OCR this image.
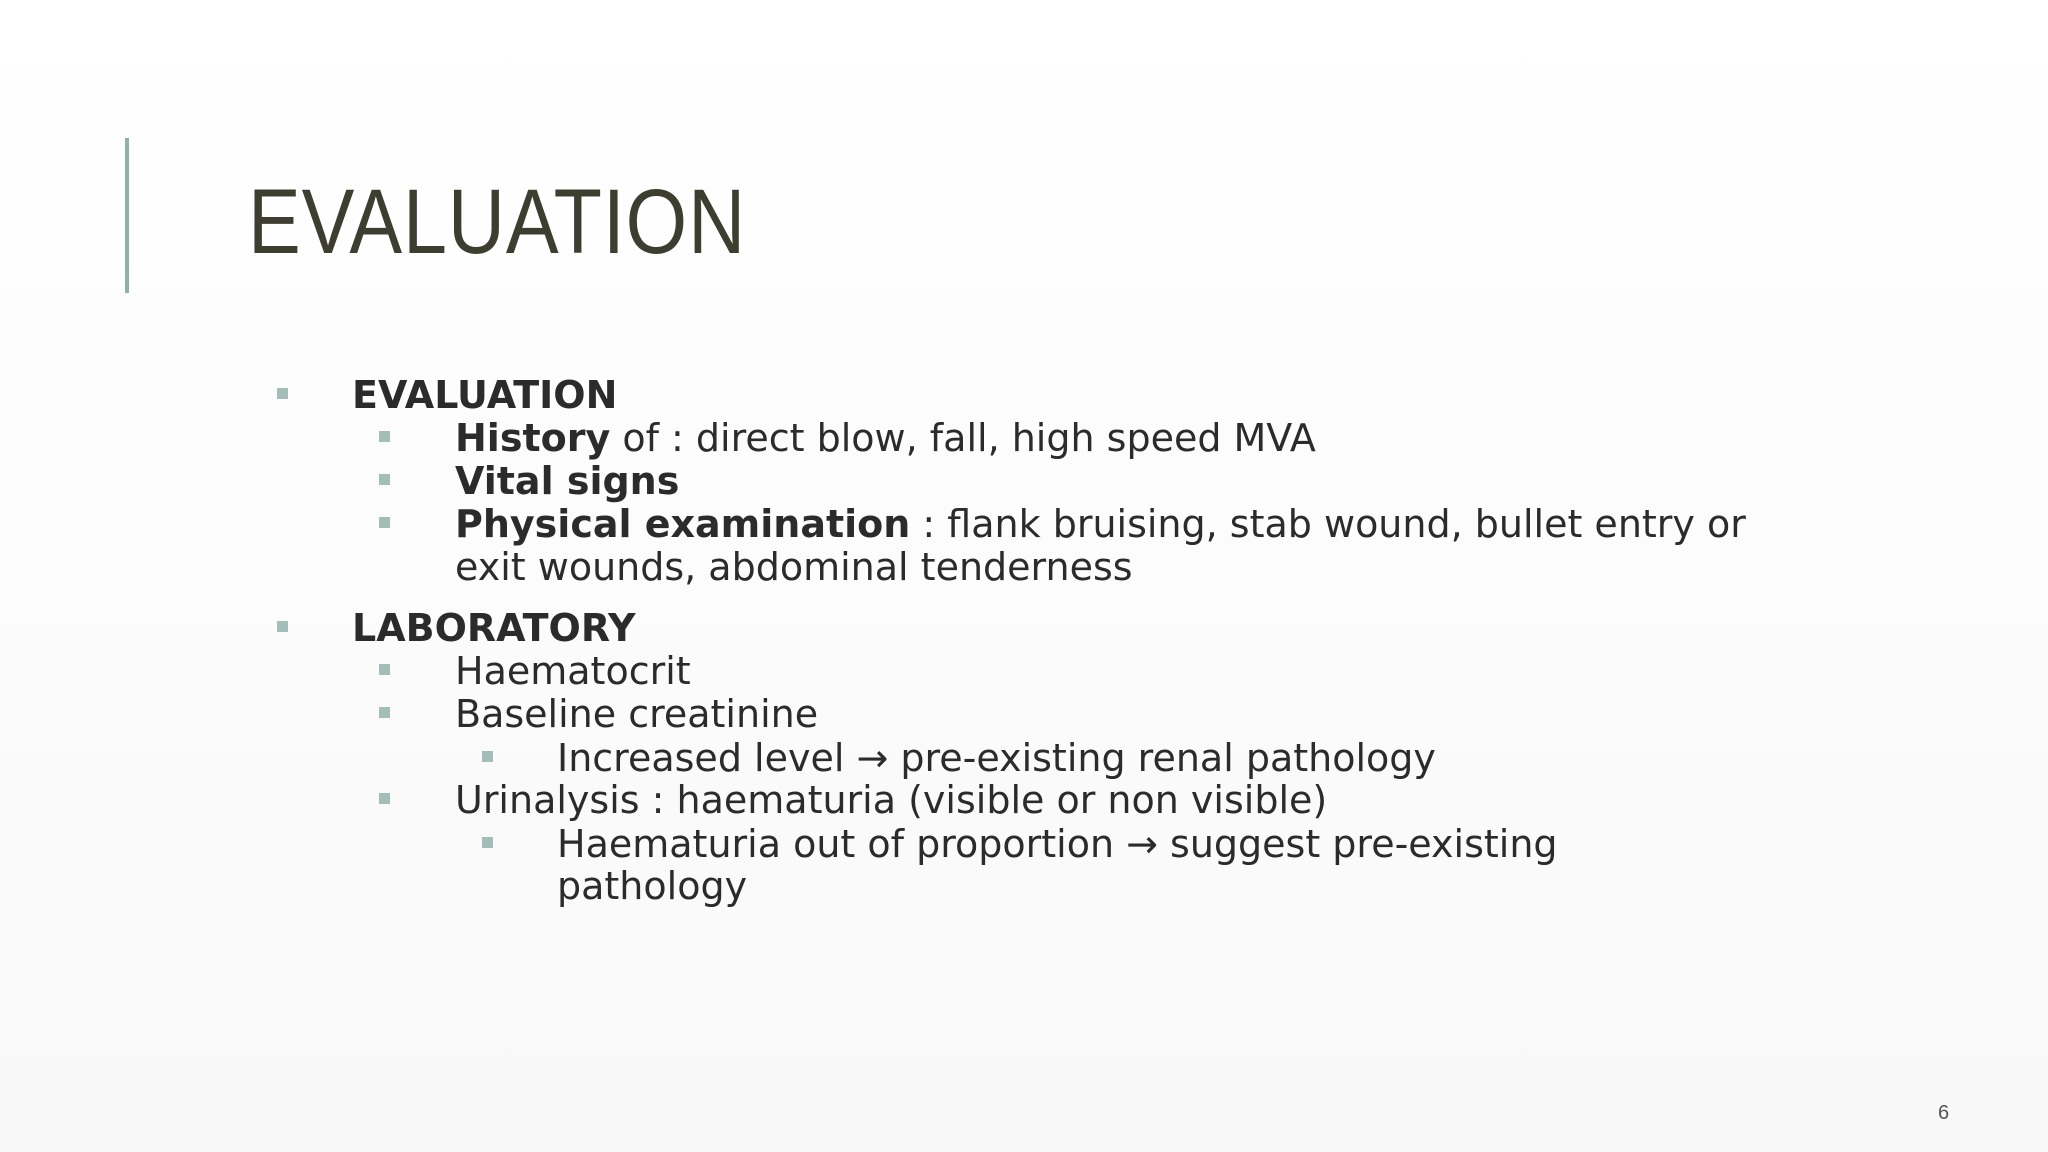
EVALUATION
EVALUATION
History of : direct blow, fall, high speed MVA
Vital signs
Physical examination : flank bruising, stab wound, bullet entry or
exit wounds, abdominal tenderness
LABORATORY
Haematocrit
Baseline creatinine
Increased level → pre-existing renal pathology
Urinalysis : haematuria (visible or non visible)
Haematuria out of proportion → suggest pre-existing
pathology
6
